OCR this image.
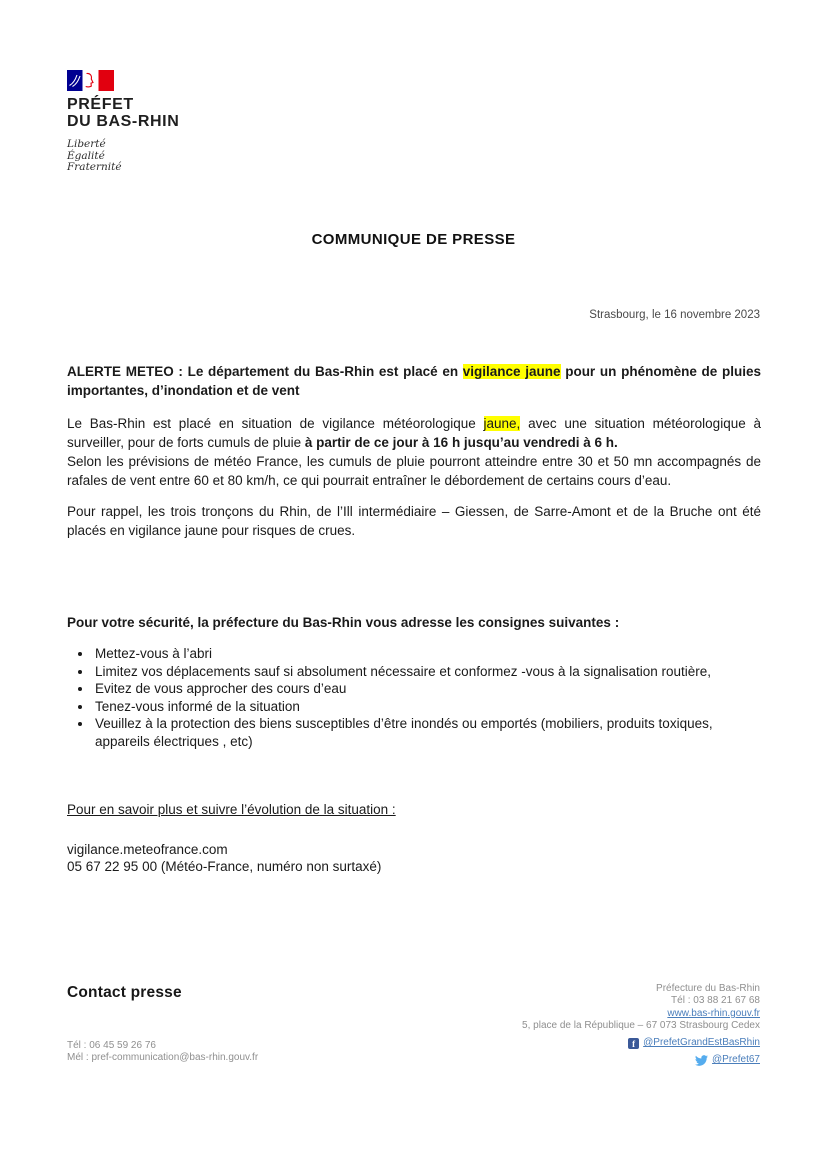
PRÉFET
DU BAS-RHIN
Liberté
Égalité
Fraternité
COMMUNIQUE DE PRESSE
Strasbourg, le 16 novembre 2023

ALERTE METEO : Le département du Bas-Rhin est placé en vigilance jaune pour un phénomène de pluies importantes, d’inondation et de vent

Le Bas-Rhin est placé en situation de vigilance météorologique jaune, avec une situation météorologique à surveiller, pour de forts cumuls de pluie à partir de ce jour à 16 h jusqu’au vendredi à 6 h.

Selon les prévisions de météo France, les cumuls de pluie pourront atteindre entre 30 et 50 mn accompagnés de rafales de vent entre 60 et 80 km/h, ce qui pourrait entraîner le débordement de certains cours d’eau.

Pour rappel, les trois tronçons du Rhin, de l’Ill intermédiaire – Giessen, de Sarre-Amont et de la Bruche ont été placés en vigilance jaune pour risques de crues.

Pour votre sécurité, la préfecture du Bas-Rhin vous adresse les consignes suivantes :

• Mettez-vous à l’abri
• Limitez vos déplacements sauf si absolument nécessaire et conformez -vous à la signalisation routière,
• Evitez de vous approcher des cours d’eau
• Tenez-vous informé de la situation
• Veuillez à la protection des biens susceptibles d’être inondés ou emportés (mobiliers, produits toxiques, appareils électriques , etc)

Pour en savoir plus et suivre l’évolution de la situation :

vigilance.meteofrance.com

05 67 22 95 00 (Météo-France, numéro non surtaxé)

Contact presse
Tél : 06 45 59 26 76
Mél : pref-communication@bas-rhin.gouv.fr
Préfecture du Bas-Rhin
Tél : 03 88 21 67 68
www.bas-rhin.gouv.fr
5, place de la République – 67 073 Strasbourg Cedex
f @PrefetGrandEstBasRhin
@Prefet67
